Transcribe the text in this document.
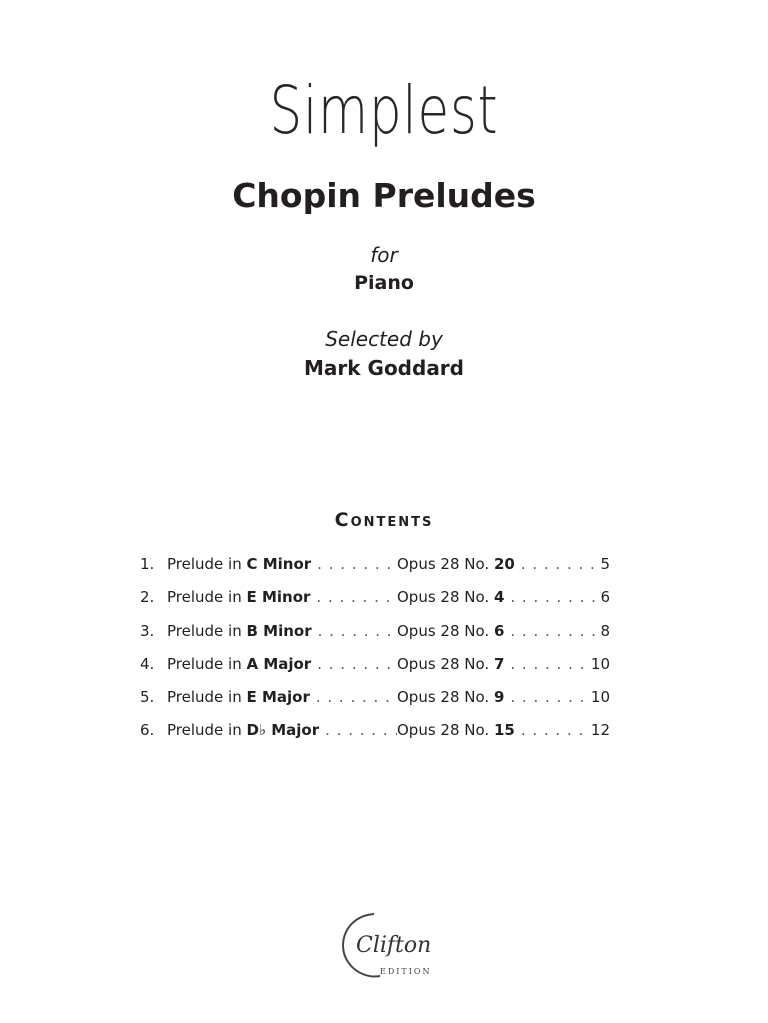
Simplest
Chopin Preludes
for
Piano
Selected by
Mark Goddard
Contents
1. Prelude in C Minor . . .	Opus 28 No. 20 . . .	5
2. Prelude in E Minor . . .	Opus 28 No. 4 . . .	6
3. Prelude in B Minor . . .	Opus 28 No. 6 . . .	8
4. Prelude in A Major . . .	Opus 28 No. 7 . . .	10
5. Prelude in E Major . . .	Opus 28 No. 9 . . .	10
6. Prelude in D♭ Major . . .	Opus 28 No. 15 . . .	12
Clifton
EDITION
